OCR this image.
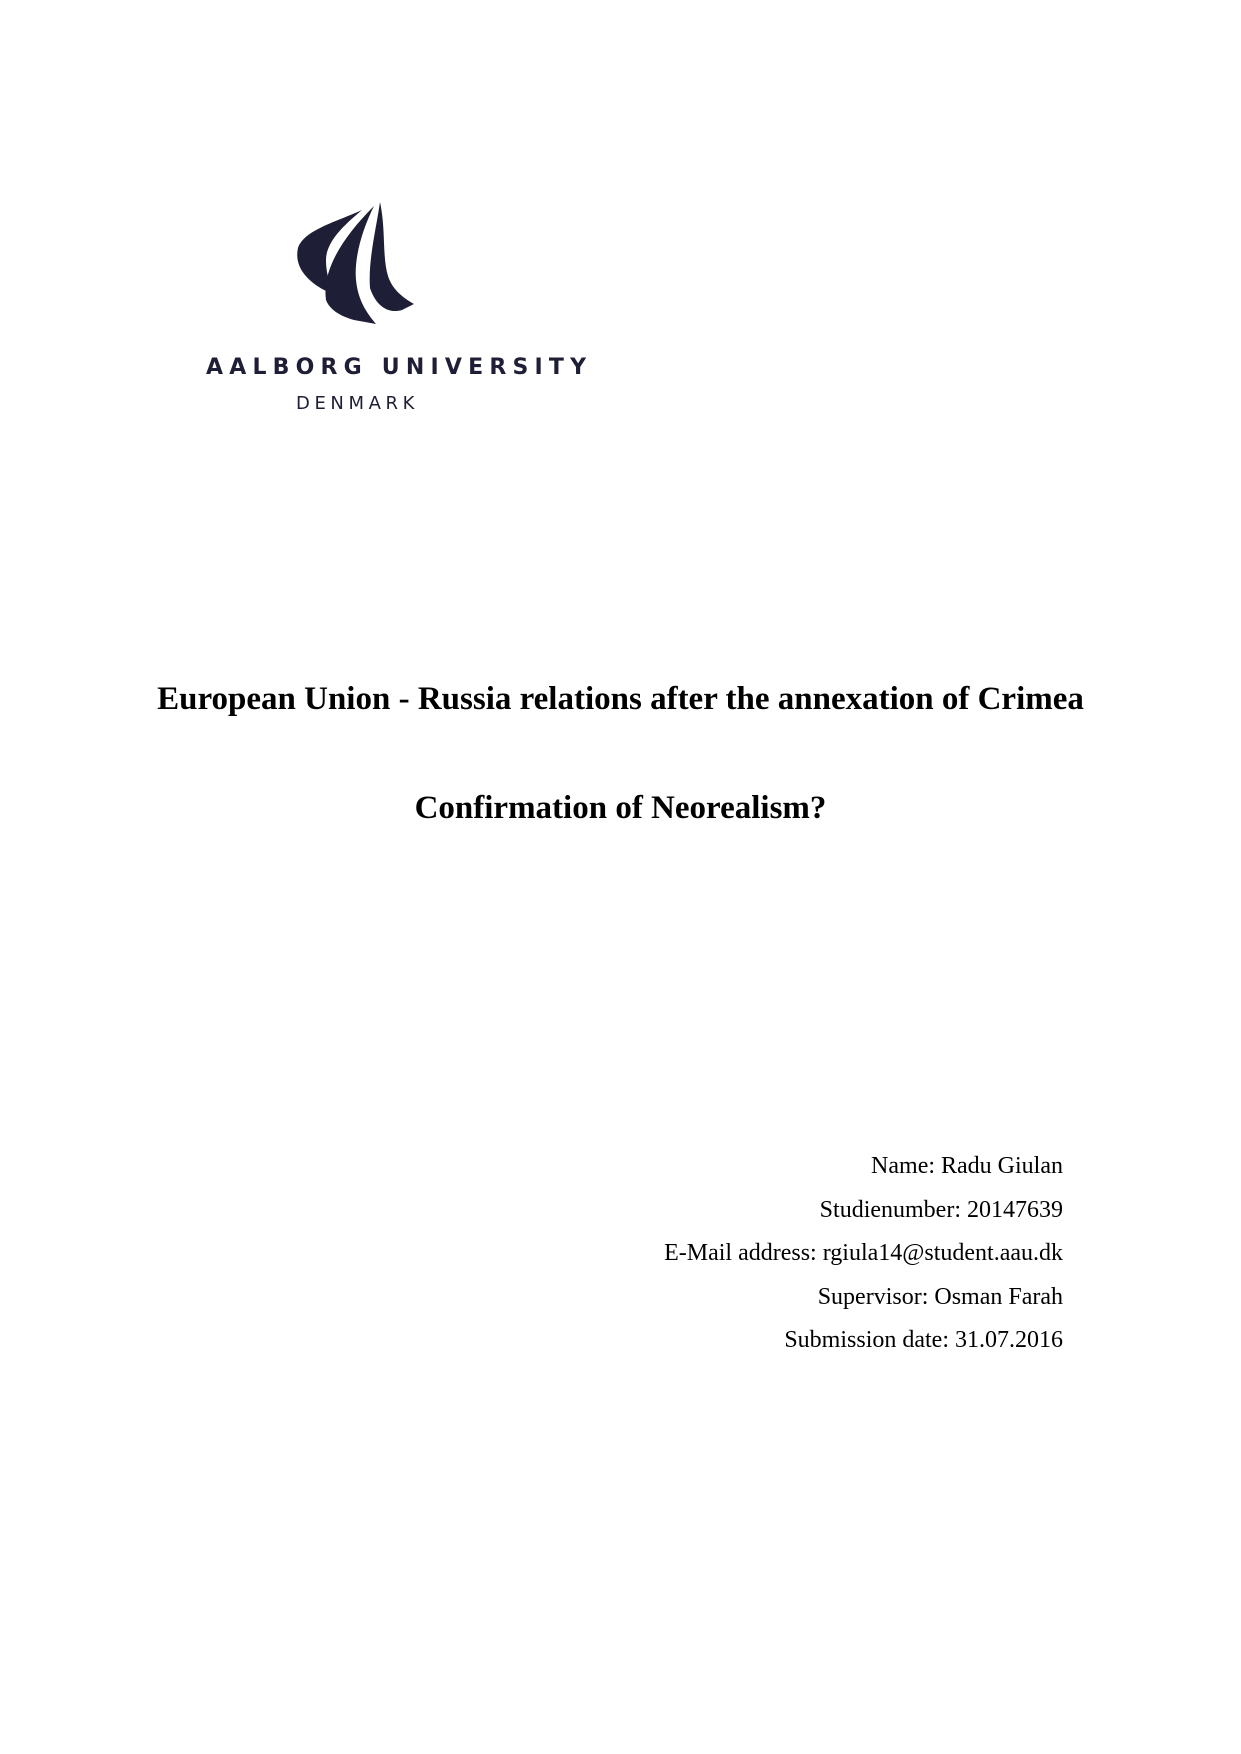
AALBORG UNIVERSITY
DENMARK
European Union - Russia relations after the annexation of Crimea
Confirmation of Neorealism?
Name: Radu Giulan
Studienumber: 20147639
E-Mail address: rgiula14@student.aau.dk
Supervisor: Osman Farah
Submission date: 31.07.2016
